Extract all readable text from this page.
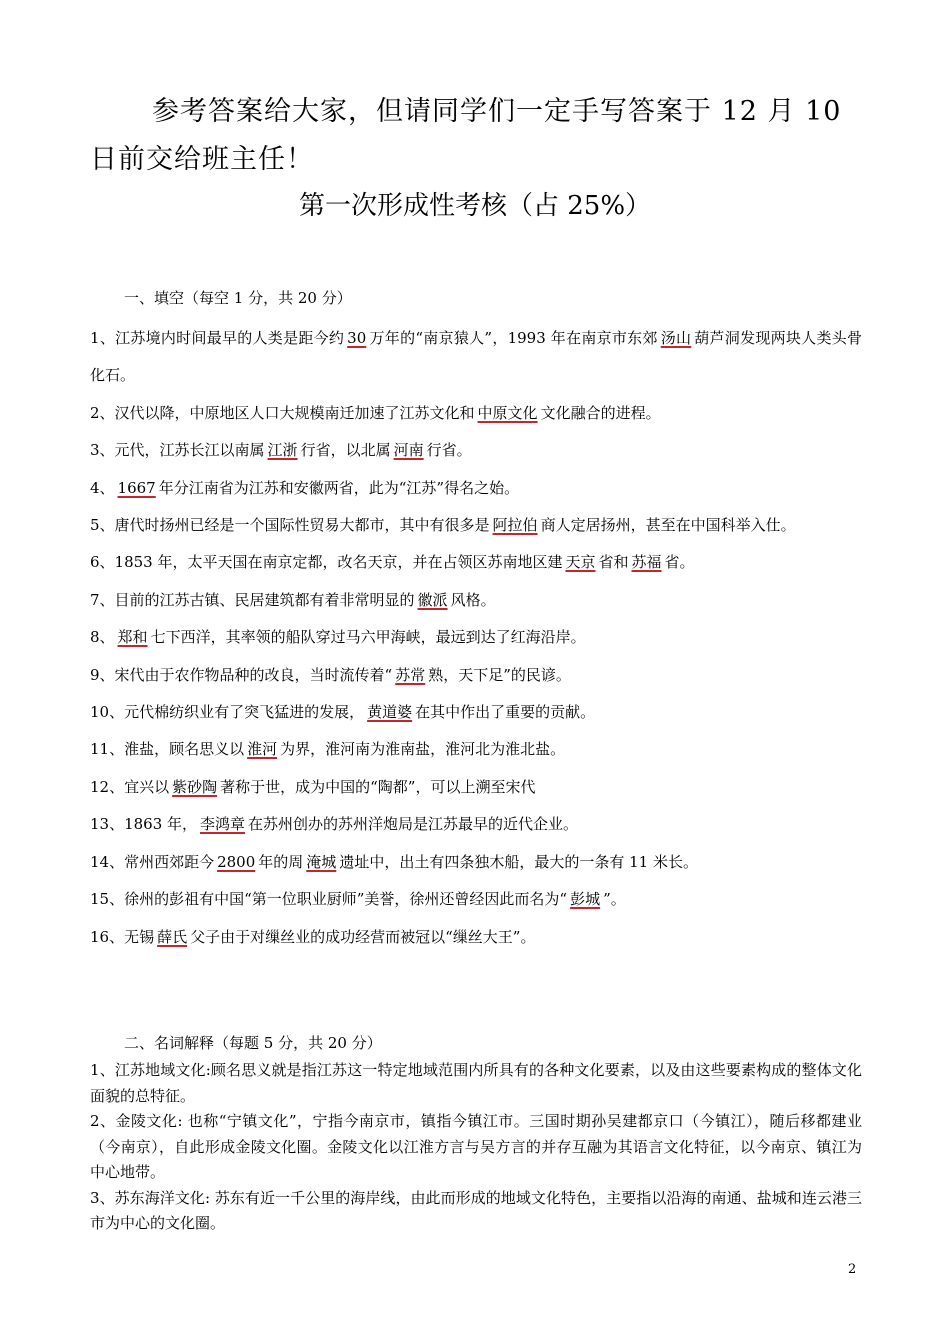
参考答案给大家，但请同学们一定手写答案于 12 月 10 日前交给班主任！
第一次形成性考核（占 25%）
一、填空（每空 1 分，共 20 分）
1、江苏境内时间最早的人类是距今约 30 万年的“南京猿人”，1993 年在南京市东郊 汤山 葫芦洞发现两块人类头骨化石。
2、汉代以降，中原地区人口大规模南迁加速了江苏文化和 中原文化 文化融合的进程。
3、元代，江苏长江以南属 江浙 行省，以北属 河南 行省。
4、 1667 年分江南省为江苏和安徽两省，此为“江苏”得名之始。
5、唐代时扬州已经是一个国际性贸易大都市，其中有很多是 阿拉伯 商人定居扬州，甚至在中国科举入仕。
6、1853 年，太平天国在南京定都，改名天京，并在占领区苏南地区建 天京 省和 苏福 省。
7、目前的江苏古镇、民居建筑都有着非常明显的 徽派 风格。
8、 郑和 七下西洋，其率领的船队穿过马六甲海峡，最远到达了红海沿岸。
9、宋代由于农作物品种的改良，当时流传着“ 苏常 熟，天下足”的民谚。
10、元代棉纺织业有了突飞猛进的发展， 黄道婆 在其中作出了重要的贡献。
11、淮盐，顾名思义以 淮河 为界，淮河南为淮南盐，淮河北为淮北盐。
12、宜兴以 紫砂陶 著称于世，成为中国的“陶都”，可以上溯至宋代
13、1863 年， 李鸿章 在苏州创办的苏州洋炮局是江苏最早的近代企业。
14、常州西郊距今 2800 年的周 淹城 遗址中，出土有四条独木船，最大的一条有 11 米长。
15、徐州的彭祖有中国“第一位职业厨师”美誉，徐州还曾经因此而名为“ 彭城 ”。
16、无锡 薛氏 父子由于对缫丝业的成功经营而被冠以“缫丝大王”。
二、名词解释（每题 5 分，共 20 分）
1、江苏地域文化:顾名思义就是指江苏这一特定地域范围内所具有的各种文化要素，以及由这些要素构成的整体文化面貌的总特征。
2、金陵文化: 也称“宁镇文化”，宁指今南京市，镇指今镇江市。三国时期孙吴建都京口（今镇江），随后移都建业（今南京），自此形成金陵文化圈。金陵文化以江淮方言与吴方言的并存互融为其语言文化特征，以今南京、镇江为中心地带。
3、苏东海洋文化: 苏东有近一千公里的海岸线，由此而形成的地域文化特色，主要指以沿海的南通、盐城和连云港三市为中心的文化圈。
2
